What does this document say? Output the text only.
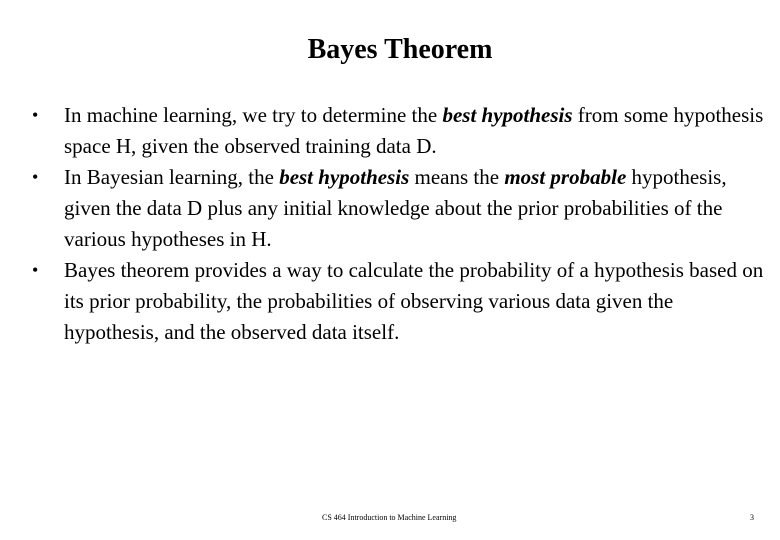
Bayes Theorem
• In machine learning, we try to determine the best hypothesis from some hypothesis space H, given the observed training data D.
• In Bayesian learning, the best hypothesis means the most probable hypothesis, given the data D plus any initial knowledge about the prior probabilities of the various hypotheses in H.
• Bayes theorem provides a way to calculate the probability of a hypothesis based on its prior probability, the probabilities of observing various data given the hypothesis, and the observed data itself.
CS 464 Introduction to Machine Learning	3
